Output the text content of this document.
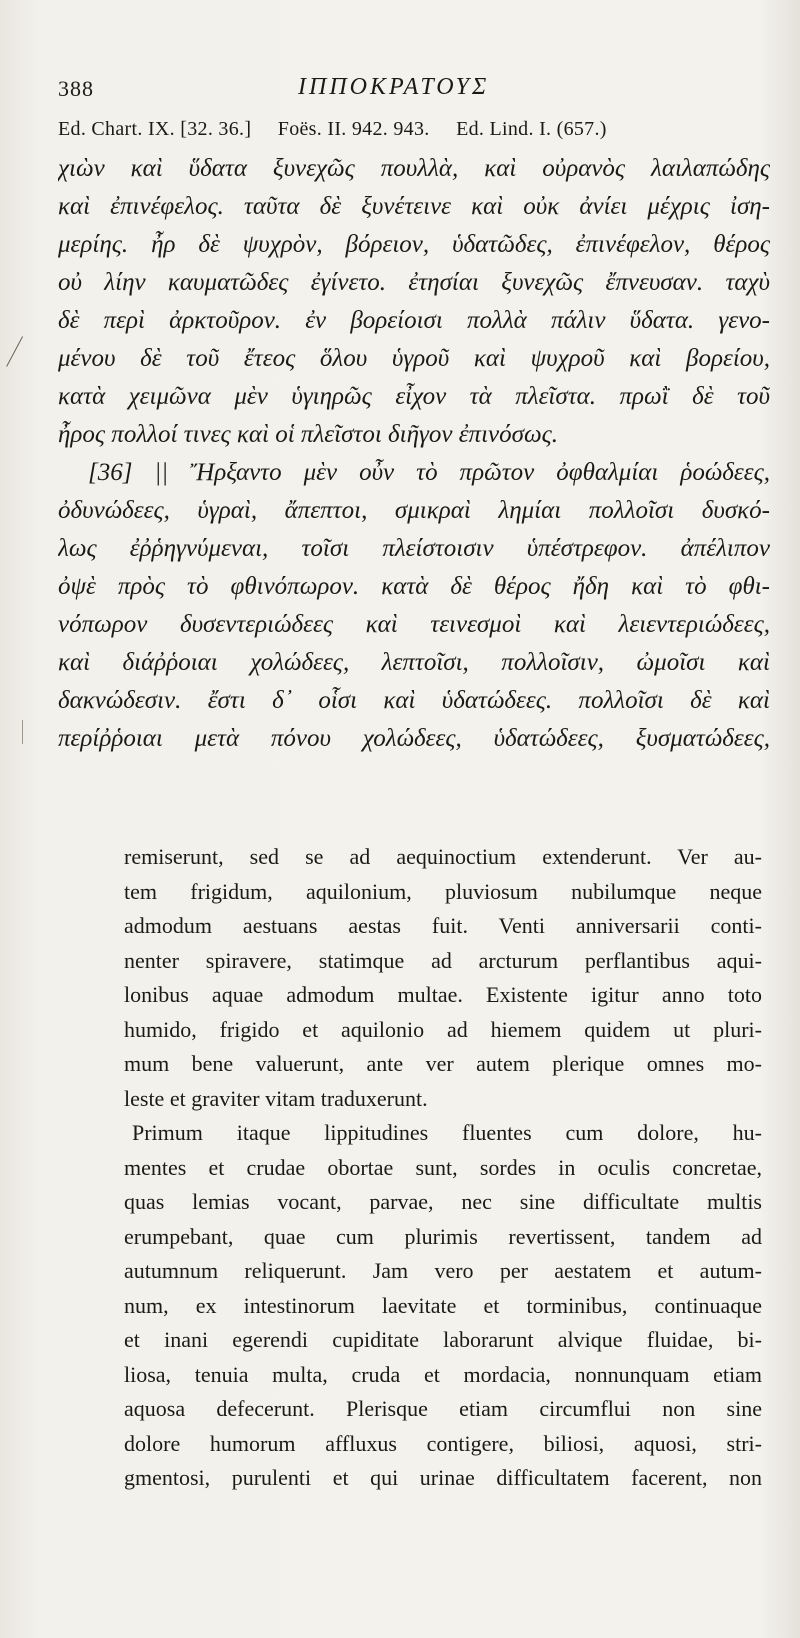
388	ΙΠΠΟΚΡΑΤΟΥΣ
Ed. Chart. IX. [32. 36.]     Foës. II. 942. 943.     Ed. Lind. I. (657.)
χιὼν καὶ ὕδατα ξυνεχῶς πουλλὰ, καὶ οὐρανὸς λαιλαπώδης
καὶ ἐπινέφελος. ταῦτα δὲ ξυνέτεινε καὶ οὐκ ἀνίει μέχρις ἰση-
μερίης. ἦρ δὲ ψυχρὸν, βόρειον, ὑδατῶδες, ἐπινέφελον, θέρος
οὐ λίην καυματῶδες ἐγίνετο. ἐτησίαι ξυνεχῶς ἔπνευσαν. ταχὺ
δὲ περὶ ἀρκτοῦρον. ἐν βορείοισι πολλὰ πάλιν ὕδατα. γενο-
μένου δὲ τοῦ ἔτεος ὅλου ὑγροῦ καὶ ψυχροῦ καὶ βορείου,
κατὰ χειμῶνα μὲν ὑγιηρῶς εἶχον τὰ πλεῖστα. πρωῒ δὲ τοῦ
ἦρος πολλοί τινες καὶ οἱ πλεῖστοι διῆγον ἐπινόσως.
[36] || Ἤρξαντο μὲν οὖν τὸ πρῶτον ὀφθαλμίαι ῥοώδεες,
ὀδυνώδεες, ὑγραὶ, ἄπεπτοι, σμικραὶ λημίαι πολλοῖσι δυσκό-
λως ἐῤῥηγνύμεναι, τοῖσι πλείστοισιν ὑπέστρεφον. ἀπέλιπον
ὀψὲ πρὸς τὸ φθινόπωρον. κατὰ δὲ θέρος ἤδη καὶ τὸ φθι-
νόπωρον δυσεντεριώδεες καὶ τεινεσμοὶ καὶ λειεντεριώδεες,
καὶ διάῤῥοιαι χολώδεες, λεπτοῖσι, πολλοῖσιν, ὠμοῖσι καὶ
δακνώδεσιν. ἔστι δ᾽ οἷσι καὶ ὑδατώδεες. πολλοῖσι δὲ καὶ
περίῤῥοιαι μετὰ πόνου χολώδεες, ὑδατώδεες, ξυσματώδεες,
remiserunt, sed se ad aequinoctium extenderunt. Ver au-
tem frigidum, aquilonium, pluviosum nubilumque neque
admodum aestuans aestas fuit. Venti anniversarii conti-
nenter spiravere, statimque ad arcturum perflantibus aqui-
lonibus aquae admodum multae. Existente igitur anno toto
humido, frigido et aquilonio ad hiemem quidem ut pluri-
mum bene valuerunt, ante ver autem plerique omnes mo-
leste et graviter vitam traduxerunt.
Primum itaque lippitudines fluentes cum dolore, hu-
mentes et crudae obortae sunt, sordes in oculis concretae,
quas lemias vocant, parvae, nec sine difficultate multis
erumpebant, quae cum plurimis revertissent, tandem ad
autumnum reliquerunt. Jam vero per aestatem et autum-
num, ex intestinorum laevitate et torminibus, continuaque
et inani egerendi cupiditate laborarunt alvique fluidae, bi-
liosa, tenuia multa, cruda et mordacia, nonnunquam etiam
aquosa defecerunt. Plerisque etiam circumflui non sine
dolore humorum affluxus contigere, biliosi, aquosi, stri-
gmentosi, purulenti et qui urinae difficultatem facerent, non
